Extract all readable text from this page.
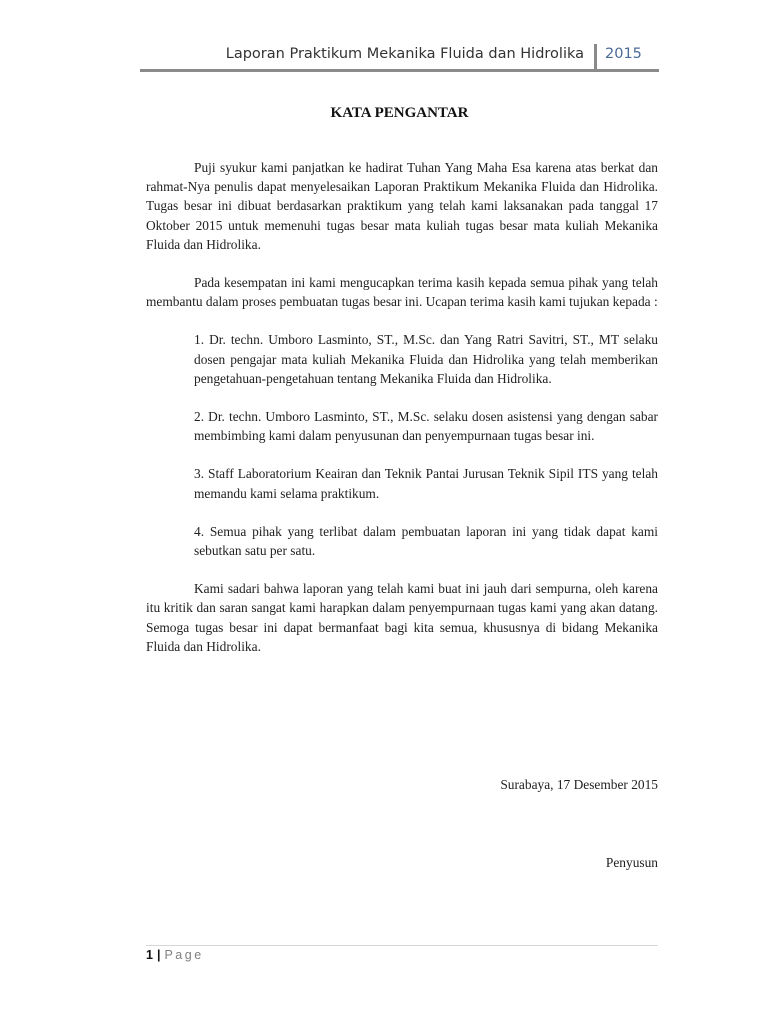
Laporan Praktikum Mekanika Fluida dan Hidrolika 2015
KATA PENGANTAR

Puji syukur kami panjatkan ke hadirat Tuhan Yang Maha Esa karena atas berkat dan rahmat-Nya penulis dapat menyelesaikan Laporan Praktikum Mekanika Fluida dan Hidrolika. Tugas besar ini dibuat berdasarkan praktikum yang telah kami laksanakan pada tanggal 17 Oktober 2015 untuk memenuhi tugas besar mata kuliah tugas besar mata kuliah Mekanika Fluida dan Hidrolika.

Pada kesempatan ini kami mengucapkan terima kasih kepada semua pihak yang telah membantu dalam proses pembuatan tugas besar ini. Ucapan terima kasih kami tujukan kepada :

1. Dr. techn. Umboro Lasminto, ST., M.Sc. dan Yang Ratri Savitri, ST., MT selaku dosen pengajar mata kuliah Mekanika Fluida dan Hidrolika yang telah memberikan pengetahuan-pengetahuan tentang Mekanika Fluida dan Hidrolika.

2. Dr. techn. Umboro Lasminto, ST., M.Sc. selaku dosen asistensi yang dengan sabar membimbing kami dalam penyusunan dan penyempurnaan tugas besar ini.

3. Staff Laboratorium Keairan dan Teknik Pantai Jurusan Teknik Sipil ITS yang telah memandu kami selama praktikum.

4. Semua pihak yang terlibat dalam pembuatan laporan ini yang tidak dapat kami sebutkan satu per satu.

Kami sadari bahwa laporan yang telah kami buat ini jauh dari sempurna, oleh karena itu kritik dan saran sangat kami harapkan dalam penyempurnaan tugas kami yang akan datang. Semoga tugas besar ini dapat bermanfaat bagi kita semua, khususnya di bidang Mekanika Fluida dan Hidrolika.

Surabaya, 17 Desember 2015
Penyusun
1 | Page
